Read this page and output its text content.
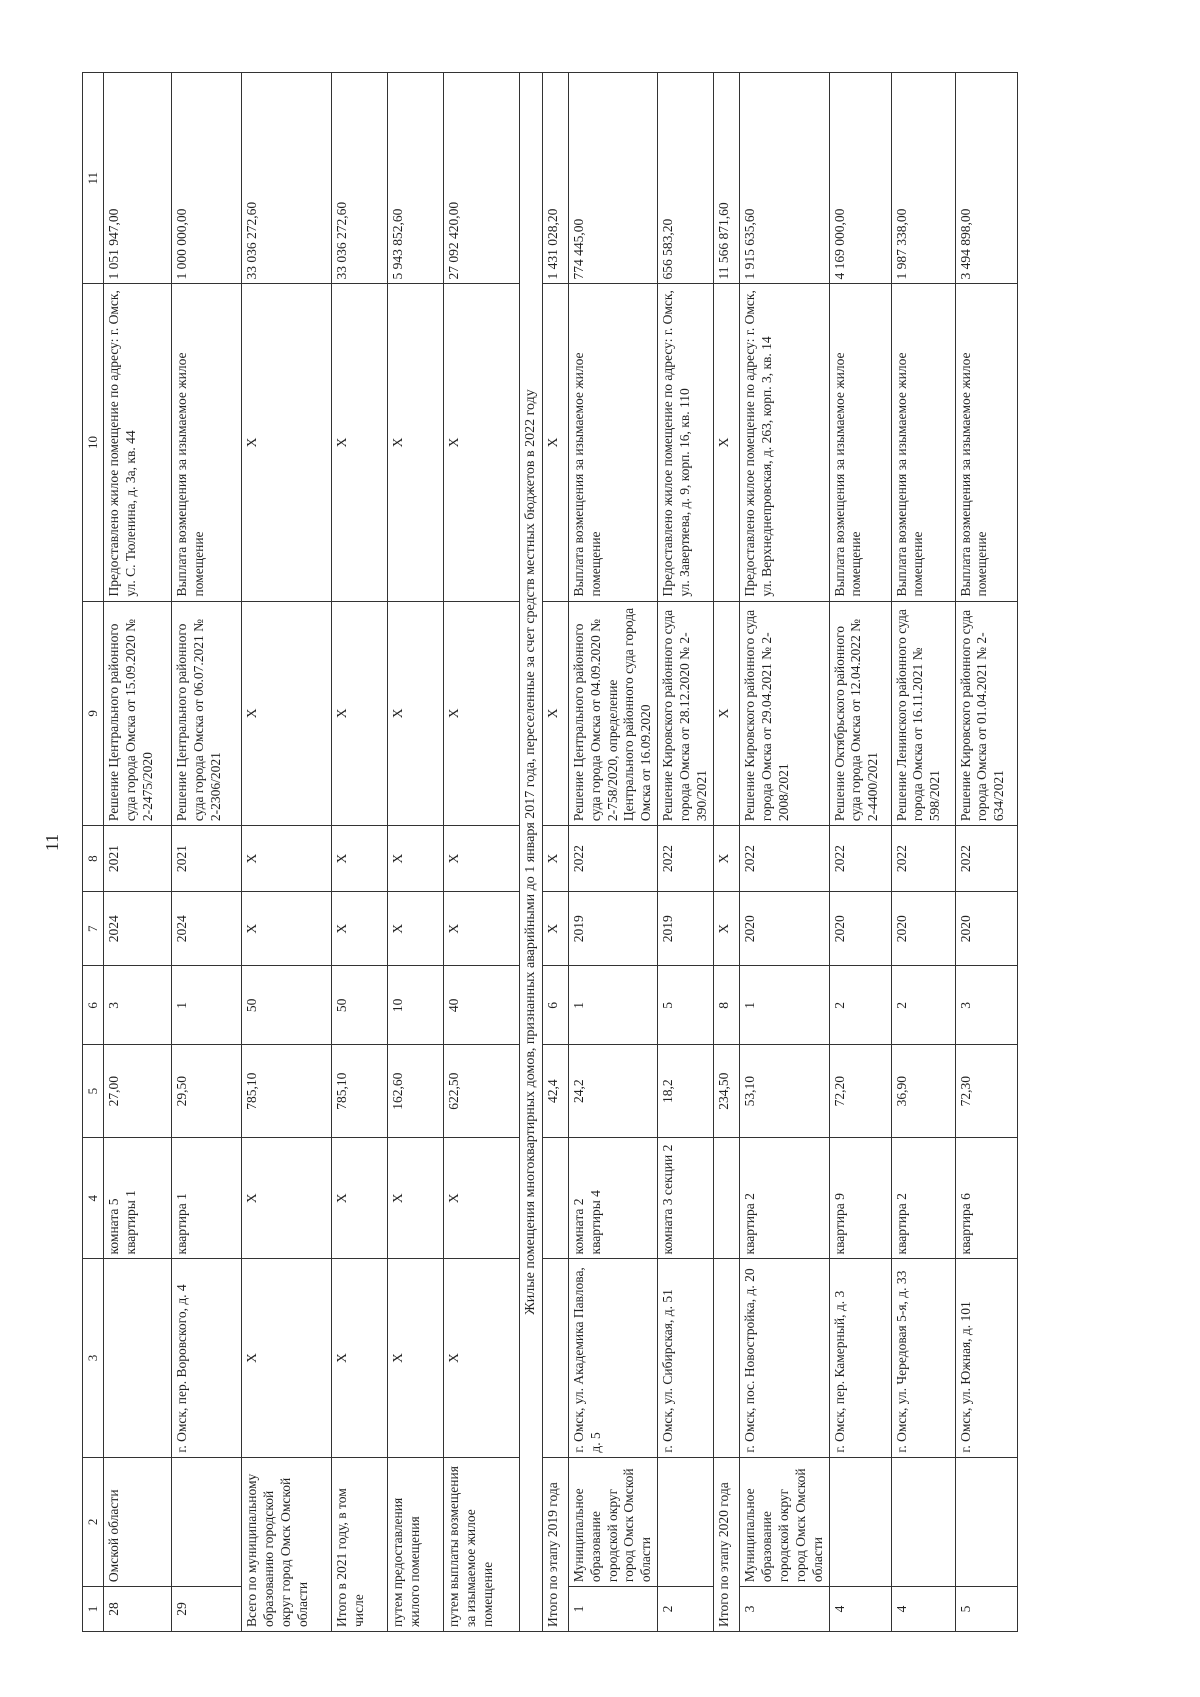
11
1	2	3	4	5	6	7	8	9	10	11
28	Омской области		комната 5 квартиры 1	27,00	3	2024	2021	Решение Центрального районного суда города Омска от 15.09.2020 № 2-2475/2020	Предоставлено жилое помещение по адресу: г. Омск, ул. С. Тюленина, д. 3а, кв. 44	1 051 947,00
29		г. Омск, пер. Воровского, д. 4	квартира 1	29,50	1	2024	2021	Решение Центрального районного суда города Омска от 06.07.2021 № 2-2306/2021	Выплата возмещения за изымаемое жилое помещение	1 000 000,00
Всего по муниципальному образованию городской округ город Омск Омской области		X	X	785,10	50	X	X	X	X	33 036 272,60
Итого в 2021 году, в том числе		X	X	785,10	50	X	X	X	X	33 036 272,60
путем предоставления жилого помещения		X	X	162,60	10	X	X	X	X	5 943 852,60
путем выплаты возмещения за изымаемое жилое помещение		X	X	622,50	40	X	X	X	X	27 092 420,00
Жилые помещения многоквартирных домов, признанных аварийными до 1 января 2017 года, переселенные за счет средств местных бюджетов в 2022 году										
Итого по этапу 2019 года				42,4	6	X	X	X	X	1 431 028,20
1	Муниципальное образование городской округ город Омск Омской области	г. Омск, ул. Академика Павлова, д. 5	комната 2 квартиры 4	24,2	1	2019	2022	Решение Центрального районного суда города Омска от 04.09.2020 № 2-758/2020, определение Центрального районного суда города Омска от 16.09.2020	Выплата возмещения за изымаемое жилое помещение	774 445,00
2		г. Омск, ул. Сибирская, д. 51	комната 3 секции 2	18,2	5	2019	2022	Решение Кировского районного суда города Омска от 28.12.2020 № 2-390/2021	Предоставлено жилое помещение по адресу: г. Омск, ул. Завертяева, д. 9, корп. 16, кв. 110	656 583,20
Итого по этапу 2020 года				234,50	8	X	X	X	X	11 566 871,60
3	Муниципальное образование городской округ город Омск Омской области	г. Омск, пос. Новостройка, д. 20	квартира 2	53,10	1	2020	2022	Решение Кировского районного суда города Омска от 29.04.2021 № 2-2008/2021	Предоставлено жилое помещение по адресу: г. Омск, ул. Верхнеднепровская, д. 263, корп. 3, кв. 14	1 915 635,60
4		г. Омск, пер. Камерный, д. 3	квартира 9	72,20	2	2020	2022	Решение Октябрьского районного суда города Омска от 12.04.2022 № 2-4400/2021	Выплата возмещения за изымаемое жилое помещение	4 169 000,00
4		г. Омск, ул. Чередовая 5-я, д. 33	квартира 2	36,90	2	2020	2022	Решение Ленинского районного суда города Омска от 16.11.2021 № 598/2021	Выплата возмещения за изымаемое жилое помещение	1 987 338,00
5		г. Омск, ул. Южная, д. 101	квартира 6	72,30	3	2020	2022	Решение Кировского районного суда города Омска от 01.04.2021 № 2-634/2021	Выплата возмещения за изымаемое жилое помещение	3 494 898,00
